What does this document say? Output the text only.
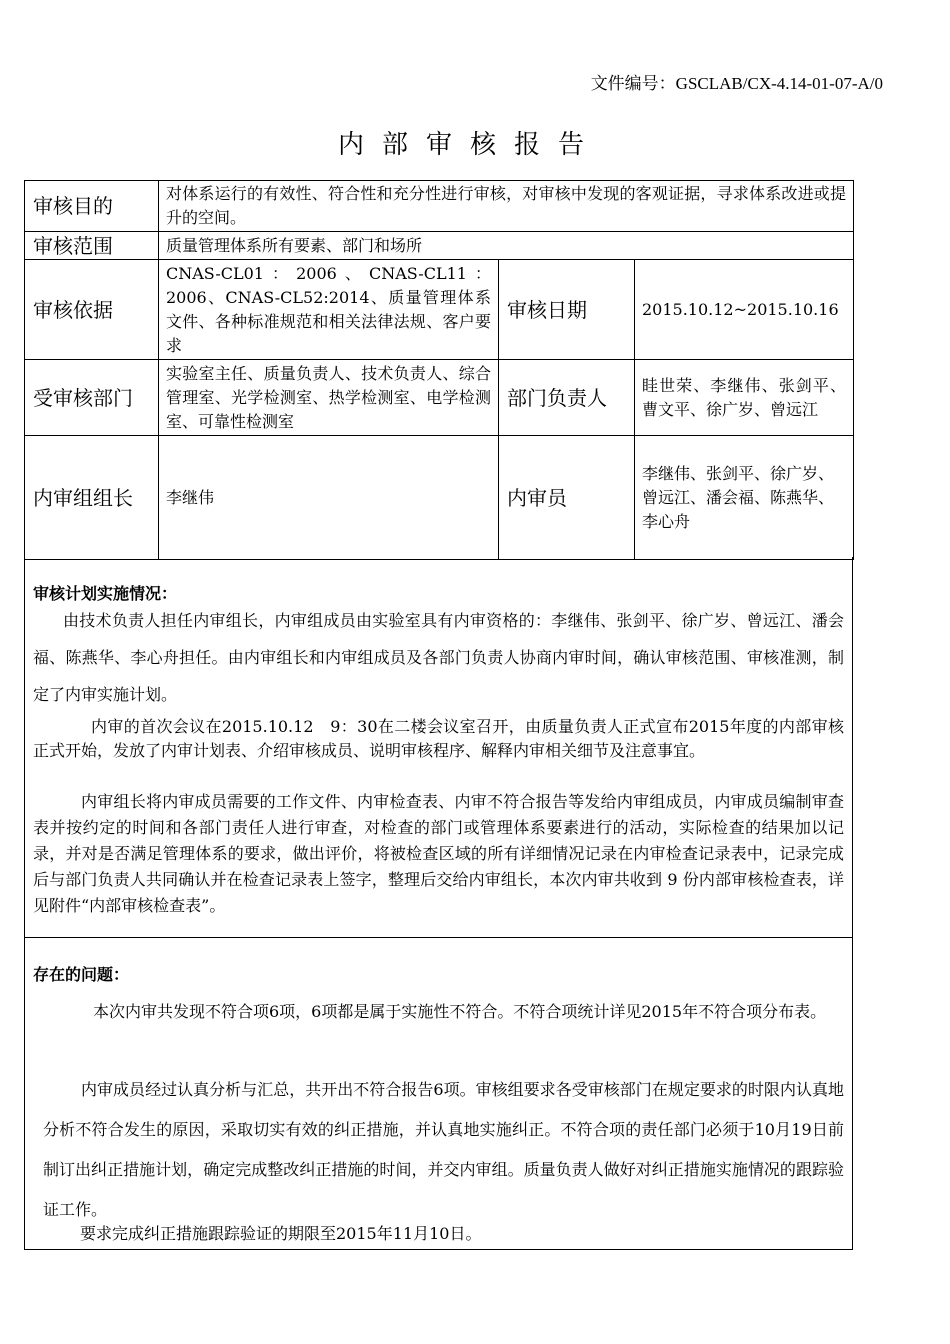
文件编号：GSCLAB/CX-4.14-01-07-A/0
内部审核报告
审核目的	对体系运行的有效性、符合性和充分性进行审核，对审核中发现的客观证据，寻求体系改进或提升的空间。		
审核范围	质量管理体系所有要素、部门和场所		
审核依据	CNAS-CL01：2006、CNAS-CL11：2006、CNAS-CL52:2014、质量管理体系文件、各种标准规范和相关法律法规、客户要求	审核日期	2015.10.12~2015.10.16
受审核部门	实验室主任、质量负责人、技术负责人、综合管理室、光学检测室、热学检测室、电学检测室、可靠性检测室	部门负责人	眭世荣、李继伟、张剑平、曹文平、徐广岁、曾远江
内审组组长	李继伟	内审员	李继伟、张剑平、徐广岁、
曾远江、潘会福、陈燕华、
李心舟
审核计划实施情况：

由技术负责人担任内审组长，内审组成员由实验室具有内审资格的：李继伟、张剑平、徐广岁、曾远江、潘会福、陈燕华、李心舟担任。由内审组长和内审组成员及各部门负责人协商内审时间，确认审核范围、审核准测，制定了内审实施计划。

内审的首次会议在2015.10.12　9：30在二楼会议室召开，由质量负责人正式宣布2015年度的内部审核正式开始，发放了内审计划表、介绍审核成员、说明审核程序、解释内审相关细节及注意事宜。

内审组长将内审成员需要的工作文件、内审检查表、内审不符合报告等发给内审组成员，内审成员编制审查表并按约定的时间和各部门责任人进行审查，对检查的部门或管理体系要素进行的活动，实际检查的结果加以记录，并对是否满足管理体系的要求，做出评价，将被检查区域的所有详细情况记录在内审检查记录表中，记录完成后与部门负责人共同确认并在检查记录表上签字，整理后交给内审组长，本次内审共收到 9 份内部审核检查表，详见附件“内部审核检查表”。

存在的问题：

本次内审共发现不符合项6项，6项都是属于实施性不符合。不符合项统计详见2015年不符合项分布表。

内审成员经过认真分析与汇总，共开出不符合报告6项。审核组要求各受审核部门在规定要求的时限内认真地分析不符合发生的原因，采取切实有效的纠正措施，并认真地实施纠正。不符合项的责任部门必须于10月19日前制订出纠正措施计划，确定完成整改纠正措施的时间，并交内审组。质量负责人做好对纠正措施实施情况的跟踪验证工作。

要求完成纠正措施跟踪验证的期限至2015年11月10日。
